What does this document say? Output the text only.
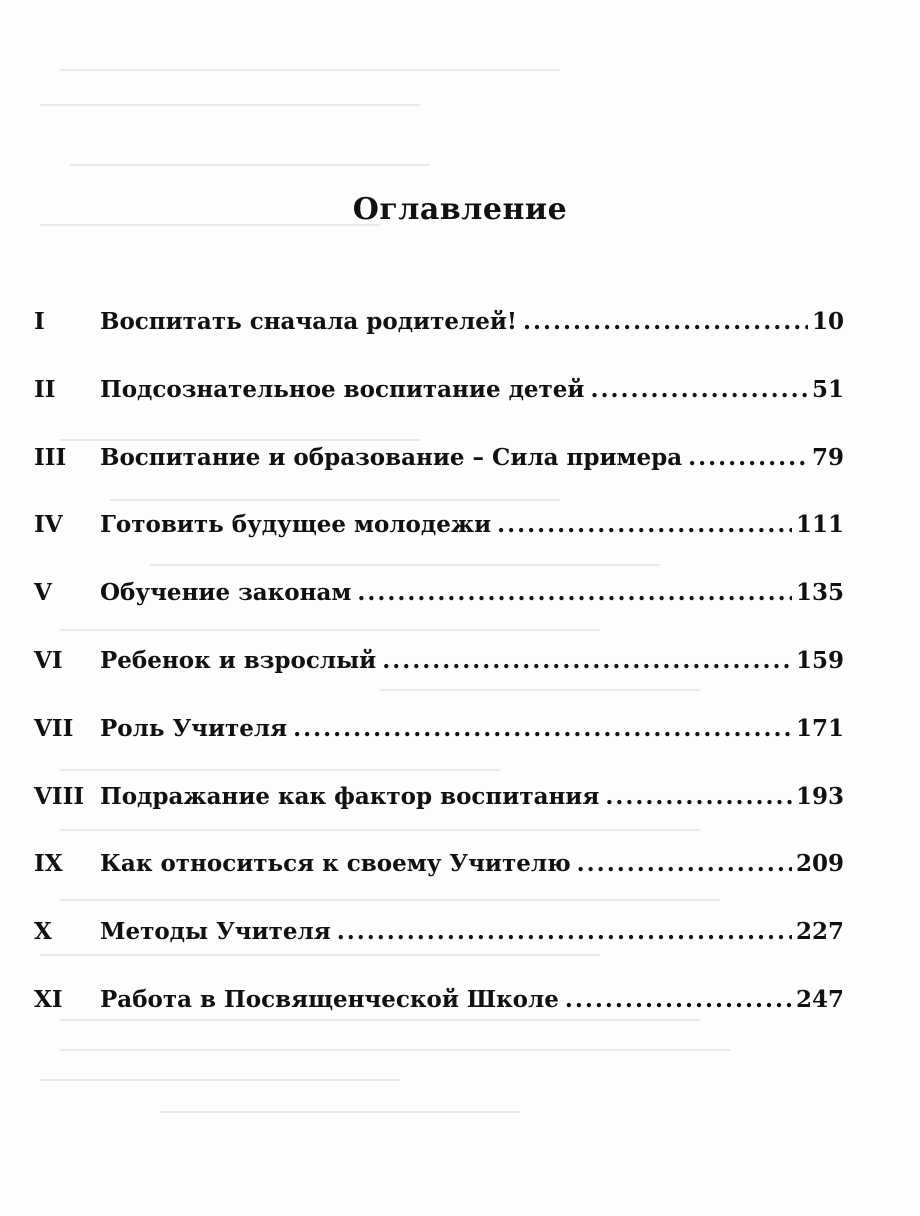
Оглавление
I	Воспитать сначала родителей! .....	10
II	Подсознательное воспитание детей .....	51
III	Воспитание и образование – Сила примера .....	79
IV	Готовить будущее молодежи .....	111
V	Обучение законам .....	135
VI	Ребенок и взрослый .....	159
VII	Роль Учителя .....	171
VIII Подражание как фактор воспитания .....	193
IX	Как относиться к своему Учителю .....	209
X	Методы Учителя .....	227
XI	Работа в Посвященческой Школе .....	247
